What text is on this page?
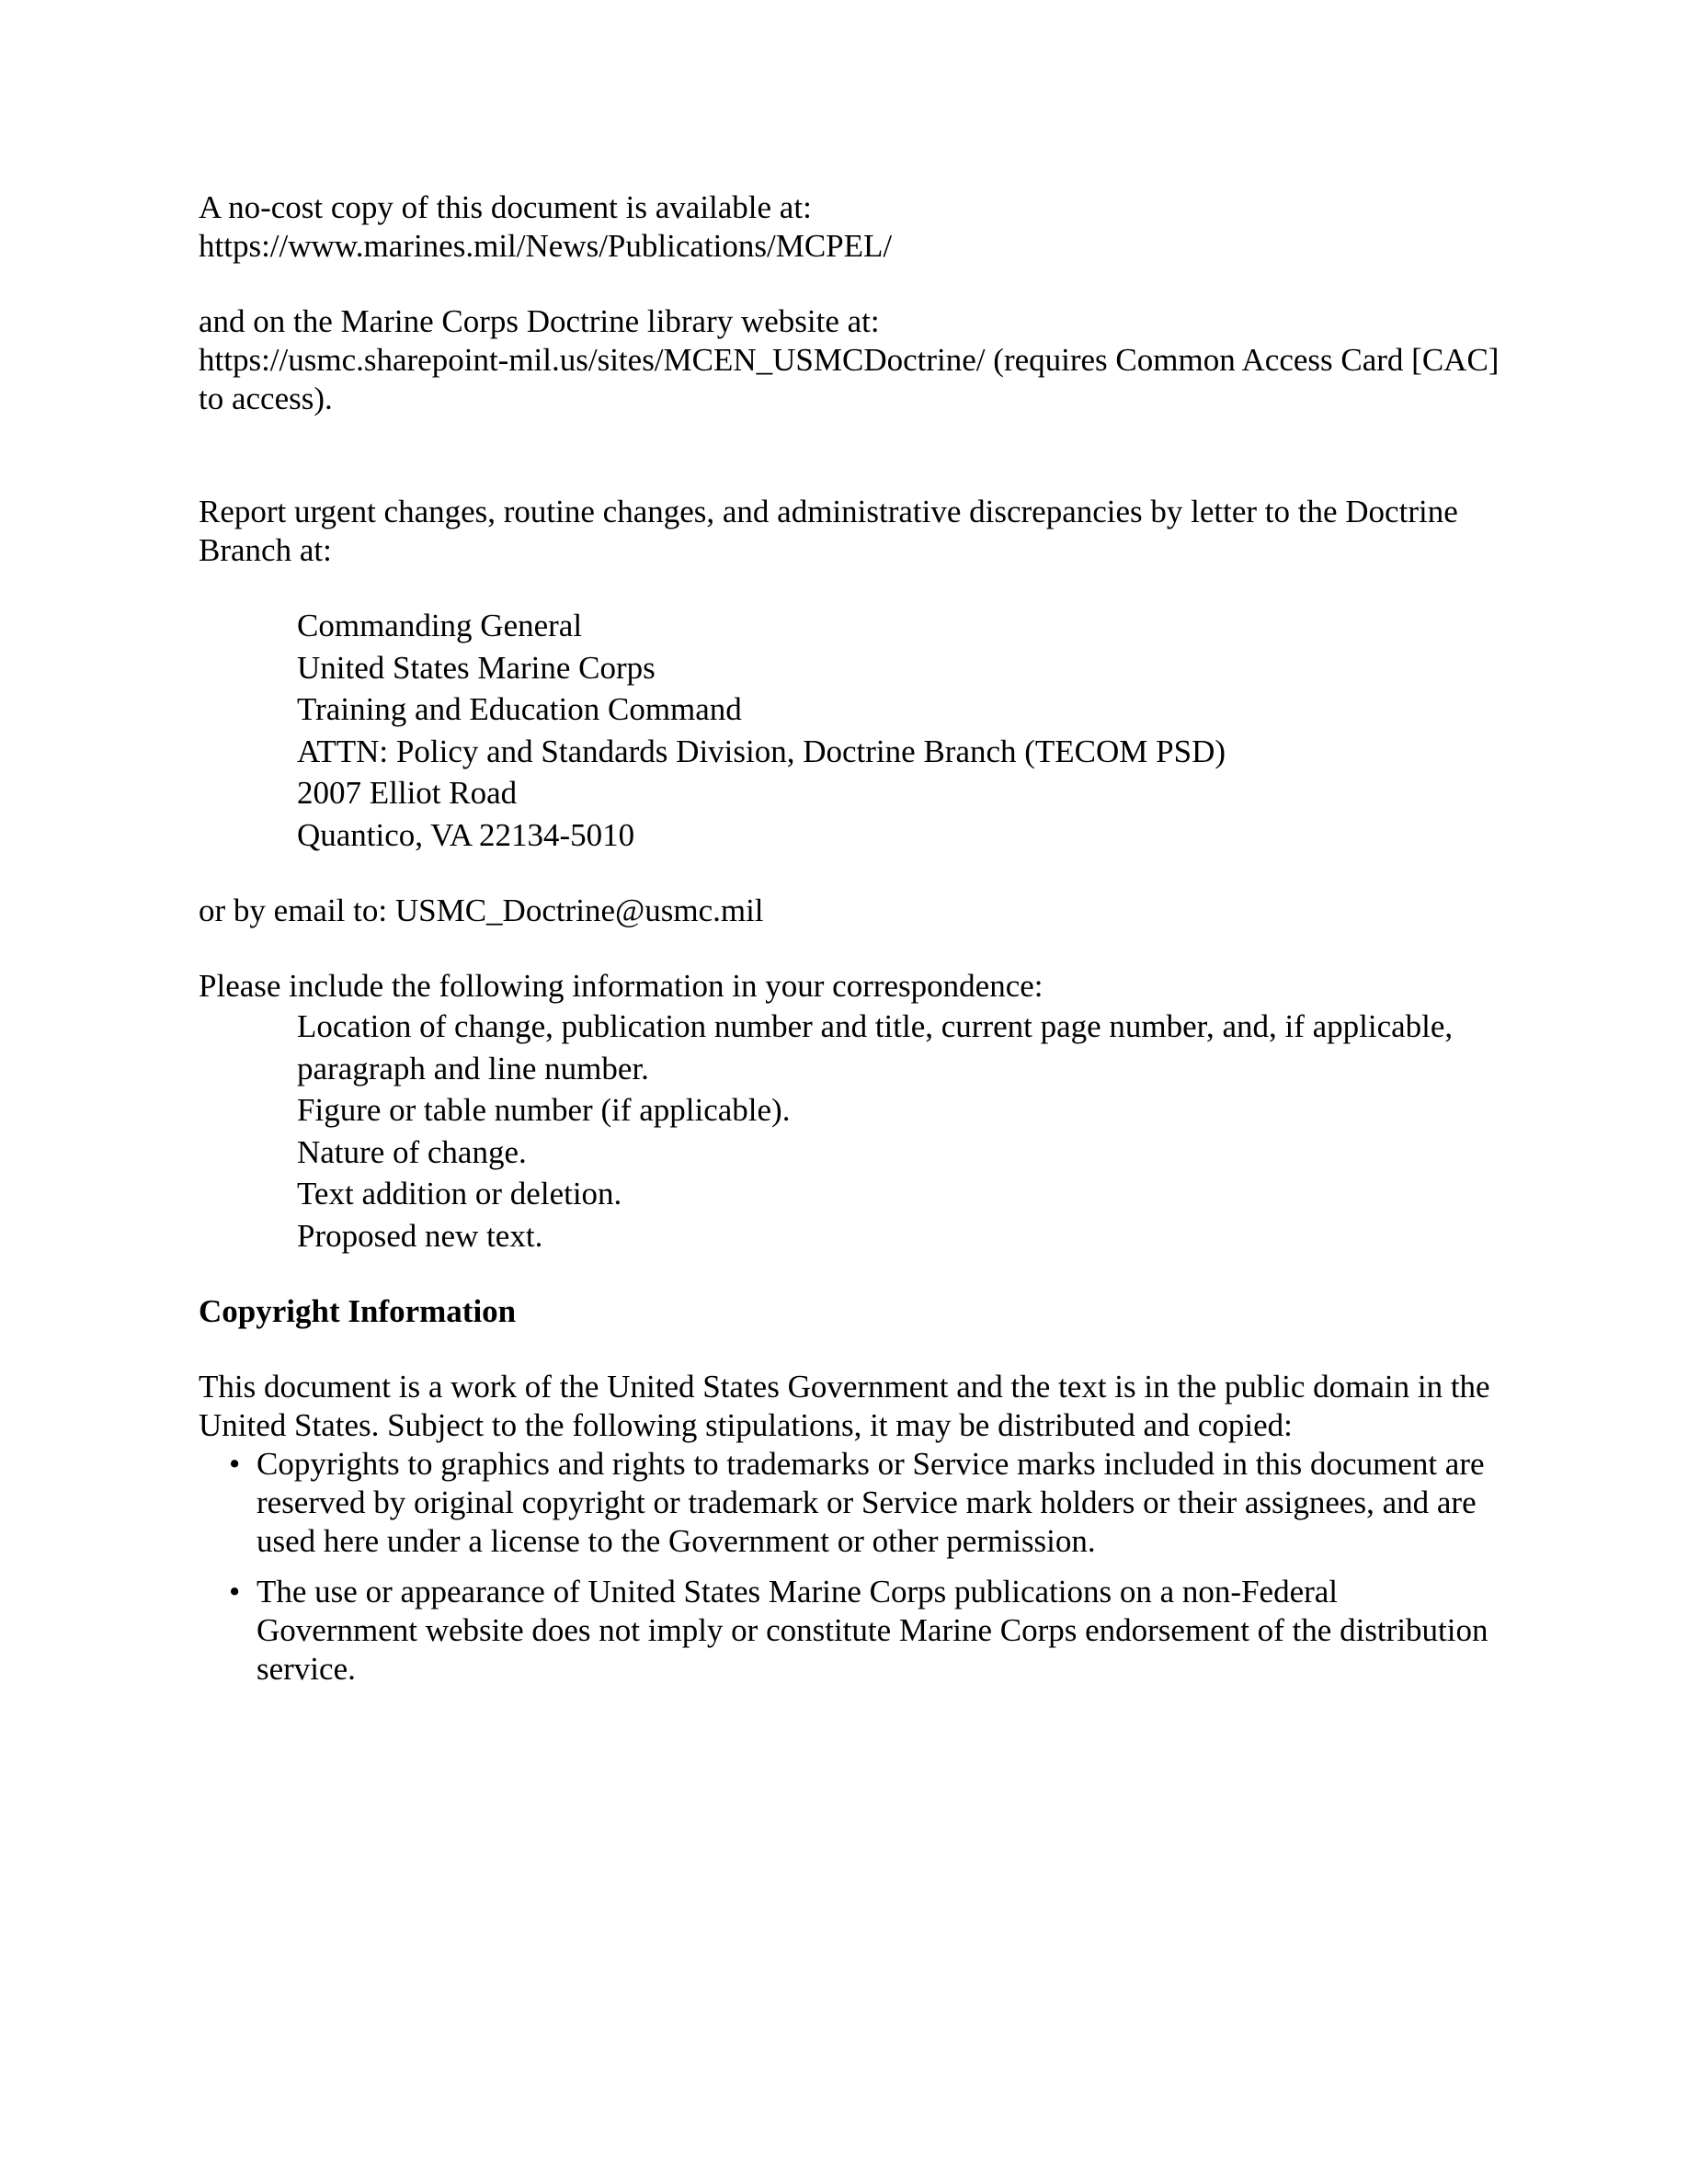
A no-cost copy of this document is available at:

https://www.marines.mil/News/Publications/MCPEL/

and on the Marine Corps Doctrine library website at:

https://usmc.sharepoint-mil.us/sites/MCEN_USMCDoctrine/ (requires Common Access Card [CAC] to access).

Report urgent changes, routine changes, and administrative discrepancies by letter to the Doctrine Branch at:

Commanding General
United States Marine Corps
Training and Education Command
ATTN: Policy and Standards Division, Doctrine Branch (TECOM PSD)
2007 Elliot Road
Quantico, VA 22134-5010

or by email to: USMC_Doctrine@usmc.mil

Please include the following information in your correspondence:

Location of change, publication number and title, current page number, and, if applicable, paragraph and line number.
Figure or table number (if applicable).
Nature of change.
Text addition or deletion.
Proposed new text.

Copyright Information

This document is a work of the United States Government and the text is in the public domain in the United States. Subject to the following stipulations, it may be distributed and copied:

• Copyrights to graphics and rights to trademarks or Service marks included in this document are reserved by original copyright or trademark or Service mark holders or their assignees, and are used here under a license to the Government or other permission.
• The use or appearance of United States Marine Corps publications on a non-Federal Government website does not imply or constitute Marine Corps endorsement of the distribution service.
